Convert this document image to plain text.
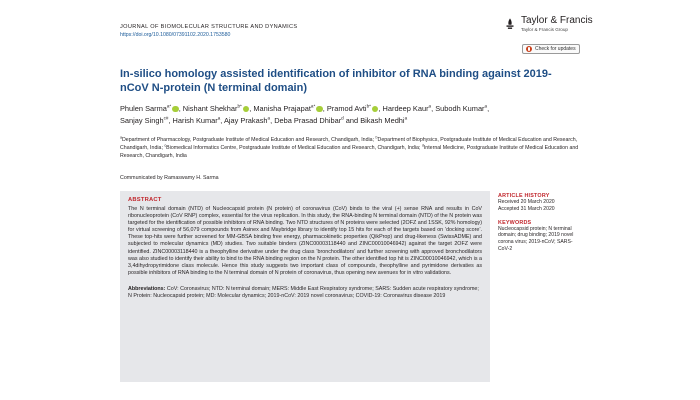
JOURNAL OF BIOMOLECULAR STRUCTURE AND DYNAMICS
https://doi.org/10.1080/07391102.2020.1753580
Taylor & Francis
Taylor & Francis Group
Check for updates
In-silico homology assisted identification of inhibitor of RNA binding against 2019-nCoV N-protein (N terminal domain)
Phulen Sarma$^{a*}$ , Nishant Shekhar$^{b*}$ , Manisha Prajapat$^{a*}$ , Pramod Avti$^{b*}$ , Hardeep Kaur$^a$, Subodh Kumar$^a$,
Sanjay Singh$^{c\#}$, Harish Kumar$^a$, Ajay Prakash$^a$, Deba Prasad Dhibar$^d$ and Bikash Medhi$^a$
$^a$Department of Pharmacology, Postgraduate Institute of Medical Education and Research, Chandigarh, India; $^b$Department of Biophysics, Postgraduate Institute of Medical Education and Research, Chandigarh, India; $^c$Biomedical Informatics Centre, Postgraduate Institute of Medical Education and Research, Chandigarh, India; $^d$Internal Medicine, Postgraduate Institute of Medical Education and Research, Chandigarh, India
Communicated by Ramaswamy H. Sarma
ABSTRACT
The N terminal domain (NTD) of Nucleocapsid protein (N protein) of coronavirus (CoV) binds to the viral (+) sense RNA and results in CoV ribonucleoprotein (CoV RNP) complex, essential for the virus replication. In this study, the RNA-binding N terminal domain (NTD) of the N protein was targeted for the identification of possible inhibitors of RNA binding. Two NTD structures of N proteins were selected (2OFZ and 1SSK, 92% homology) for virtual screening of 56,079 compounds from Asinex and Maybridge library to identify top 15 hits for each of the targets based on ‘docking score’. These top-hits were further screened for MM-GBSA binding free energy, pharmacokinetic properties (QikProp) and drug-likeness (SwissADME) and subjected to molecular dynamics (MD) studies. Two suitable binders (ZINC00003118440 and ZINC00010046942) against the target 2OFZ were identified. ZINC00003118440 is a theophylline derivative under the drug class ‘bronchodilators’ and further screening with approved bronchodilators was also studied to identify their ability to bind to the RNA binding region on the N protein. The other identified top hit is ZINC00010046942, which is a 3,4dihydropyrimidone class molecule. Hence this study suggests two important class of compounds, theophylline and pyrimidone derivaties as possible inhibitors of RNA binding to the N terminal domain of N protein of coronavirus, thus opening new avenues for in vitro validations.
Abbreviations: CoV: Coronavirus; NTD: N terminal domain; MERS: Middle East Respiratory syndrome; SARS: Sudden acute respiratory syndrome; N Protein: Nucleocapsid protein; MD: Molecular dynamics; 2019-nCoV: 2019 novel coronavirus; COVID-19: Coronavirus disease 2019
ARTICLE HISTORY
Received 20 March 2020
Accepted 31 March 2020
KEYWORDS
Nucleocapsid protein; N terminal domain; drug binding; 2019 novel corona virus; 2019-nCoV; SARS-CoV-2
